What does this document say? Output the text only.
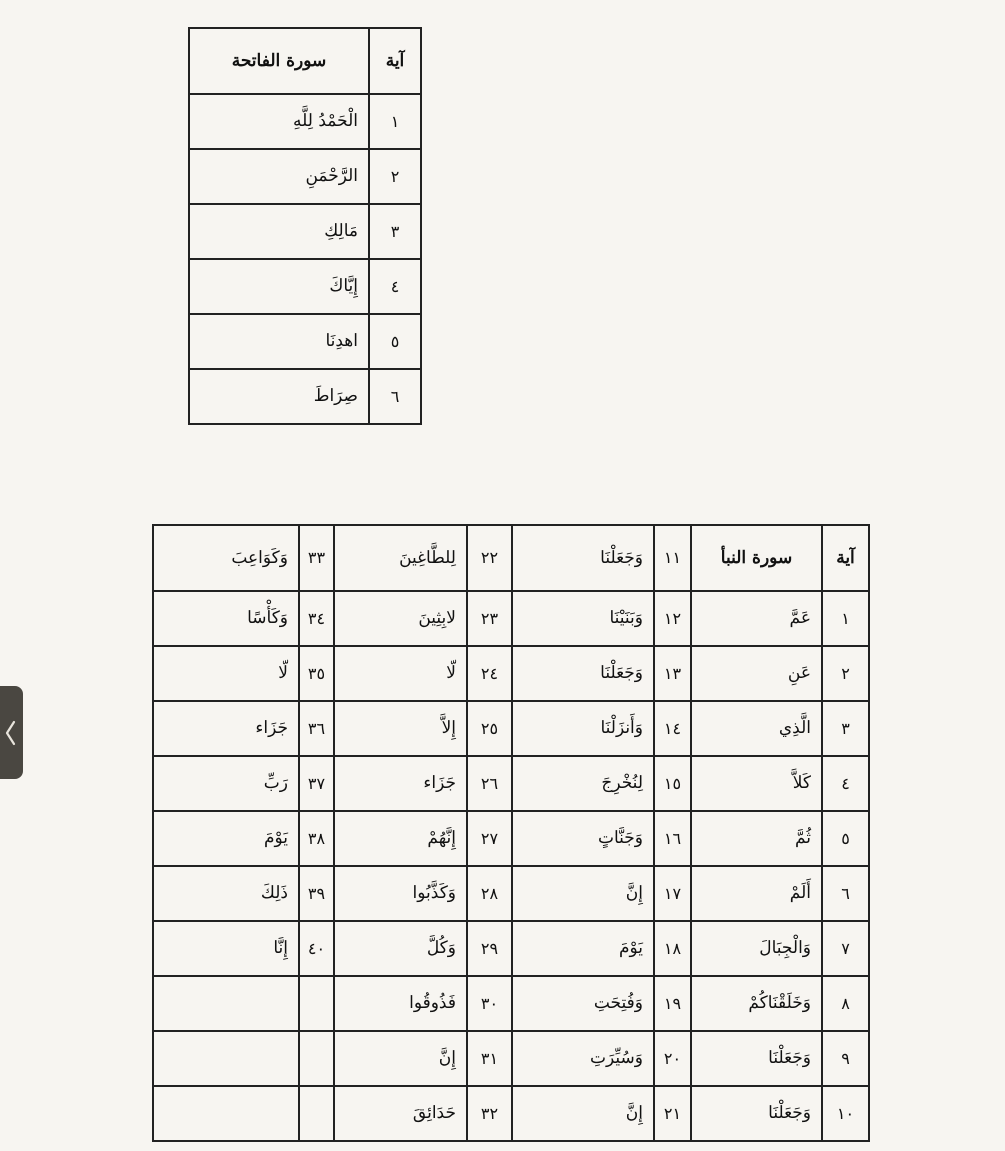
آية	سورة الفاتحة
١	الْحَمْدُ لِلَّهِ
٢	الرَّحْمَنِ
٣	مَالِكِ
٤	إِيَّاكَ
٥	اهدِنَا
٦	صِرَاطَ
آية	سورة النبأ	١١	وَجَعَلْنَا	٢٢	لِلطَّاغِينَ	٣٣	وَكَوَاعِبَ
١	عَمَّ	١٢	وَبَنَيْنَا	٢٣	لابِثِينَ	٣٤	وَكَأْسًا
٢	عَنِ	١٣	وَجَعَلْنَا	٢٤	لّا	٣٥	لّا
٣	الَّذِي	١٤	وَأَنزَلْنَا	٢٥	إِلاَّ	٣٦	جَزَاء
٤	كَلاَّ	١٥	لِنُخْرِجَ	٢٦	جَزَاء	٣٧	رَبِّ
٥	ثُمَّ	١٦	وَجَنَّاتٍ	٢٧	إِنَّهُمْ	٣٨	يَوْمَ
٦	أَلَمْ	١٧	إِنَّ	٢٨	وَكَذَّبُوا	٣٩	ذَلِكَ
٧	وَالْجِبَالَ	١٨	يَوْمَ	٢٩	وَكُلَّ	٤٠	إِنَّا
٨	وَخَلَقْنَاكُمْ	١٩	وَفُتِحَتِ	٣٠	فَذُوقُوا		
٩	وَجَعَلْنَا	٢٠	وَسُيِّرَتِ	٣١	إِنَّ		
١٠	وَجَعَلْنَا	٢١	إِنَّ	٣٢	حَدَائِقَ		
